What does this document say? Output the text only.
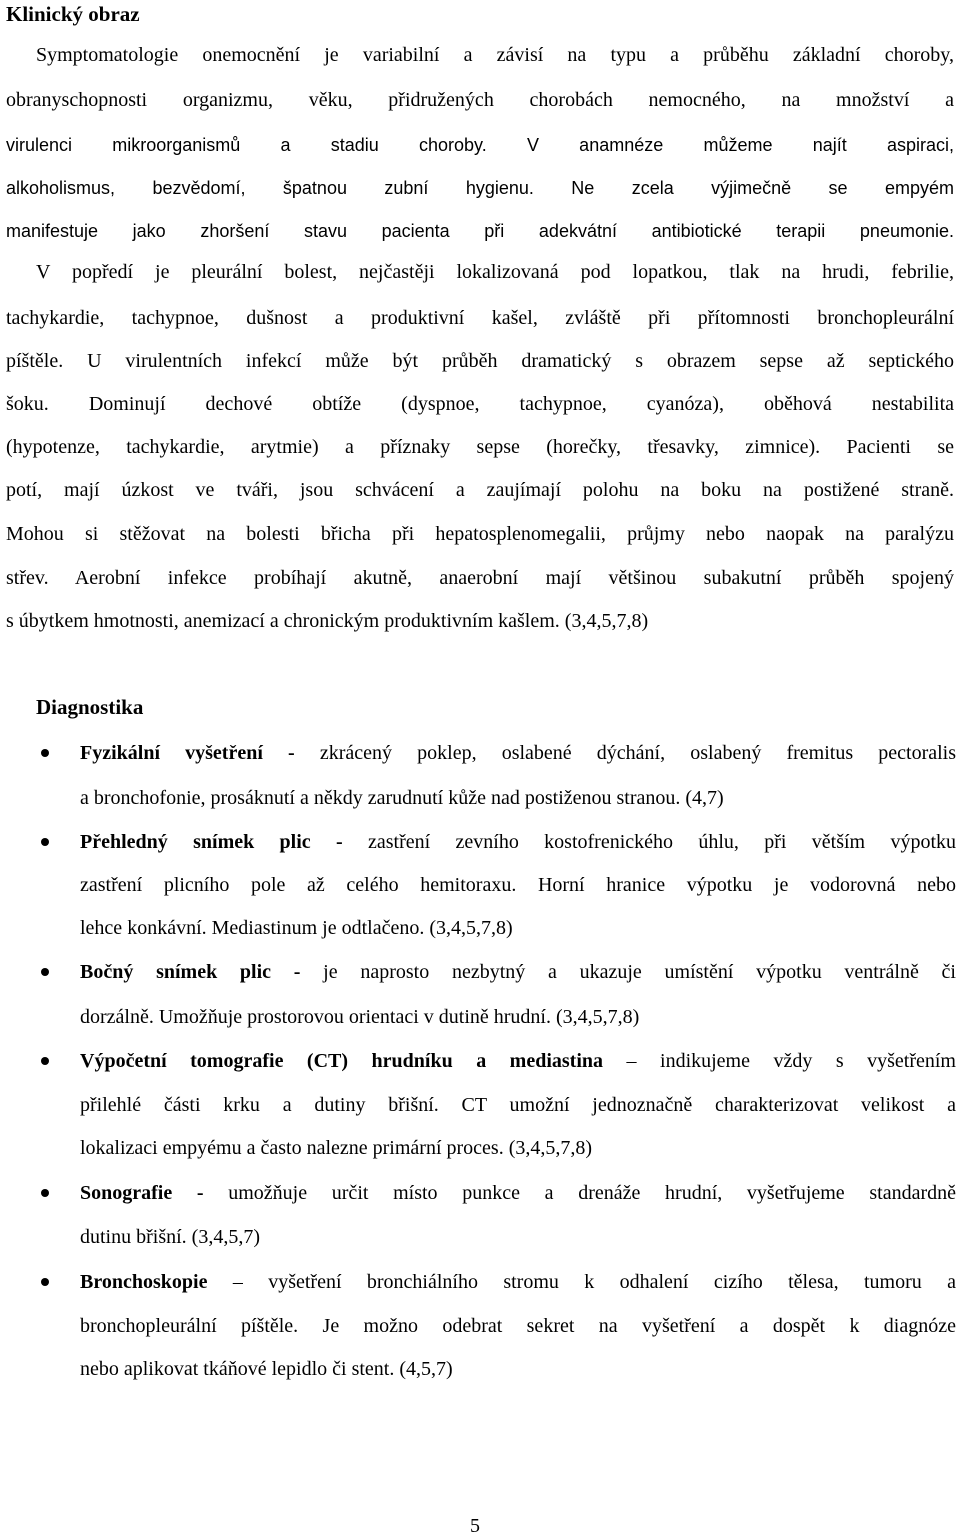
Klinický obraz

Symptomatologie onemocnění je variabilní a závisí na typu a průběhu základní choroby,

obranyschopnosti organizmu, věku, přidružených chorobách nemocného, na množství a

virulenci mikroorganismů a stadiu choroby. V anamnéze můžeme najít aspiraci,

alkoholismus, bezvědomí, špatnou zubní hygienu. Ne zcela výjimečně se empyém

manifestuje jako zhoršení stavu pacienta při adekvátní antibiotické terapii pneumonie.

V popředí je pleurální bolest, nejčastěji lokalizovaná pod lopatkou, tlak na hrudi, febrilie,

tachykardie, tachypnoe, dušnost a produktivní kašel, zvláště při přítomnosti bronchopleurální

píštěle. U virulentních infekcí může být průběh dramatický s obrazem sepse až septického

šoku. Dominují dechové obtíže (dyspnoe, tachypnoe, cyanóza), oběhová nestabilita

(hypotenze, tachykardie, arytmie) a příznaky sepse (horečky, třesavky, zimnice). Pacienti se

potí, mají úzkost ve tváři, jsou schvácení a zaujímají polohu na boku na postižené straně.

Mohou si stěžovat na bolesti břicha při hepatosplenomegalii, průjmy nebo naopak na paralýzu

střev. Aerobní infekce probíhají akutně, anaerobní mají většinou subakutní průběh spojený

s úbytkem hmotnosti, anemizací a chronickým produktivním kašlem. (3,4,5,7,8)

Diagnostika

Fyzikální vyšetření - zkrácený poklep, oslabené dýchání, oslabený fremitus pectoralis

a bronchofonie, prosáknutí a někdy zarudnutí kůže nad postiženou stranou. (4,7)

Přehledný snímek plic - zastření zevního kostofrenického úhlu, při větším výpotku

zastření plicního pole až celého hemitoraxu. Horní hranice výpotku je vodorovná nebo

lehce konkávní. Mediastinum je odtlačeno. (3,4,5,7,8)

Bočný snímek plic - je naprosto nezbytný a ukazuje umístění výpotku ventrálně či

dorzálně. Umožňuje prostorovou orientaci v dutině hrudní. (3,4,5,7,8)

Výpočetní tomografie (CT) hrudníku a mediastina – indikujeme vždy s vyšetřením

přilehlé části krku a dutiny břišní. CT umožní jednoznačně charakterizovat velikost a

lokalizaci empyému a často nalezne primární proces. (3,4,5,7,8)

Sonografie - umožňuje určit místo punkce a drenáže hrudní, vyšetřujeme standardně

dutinu břišní. (3,4,5,7)

Bronchoskopie – vyšetření bronchiálního stromu k odhalení cizího tělesa, tumoru a

bronchopleurální píštěle. Je možno odebrat sekret na vyšetření a dospět k diagnóze

nebo aplikovat tkáňové lepidlo či stent. (4,5,7)

5
